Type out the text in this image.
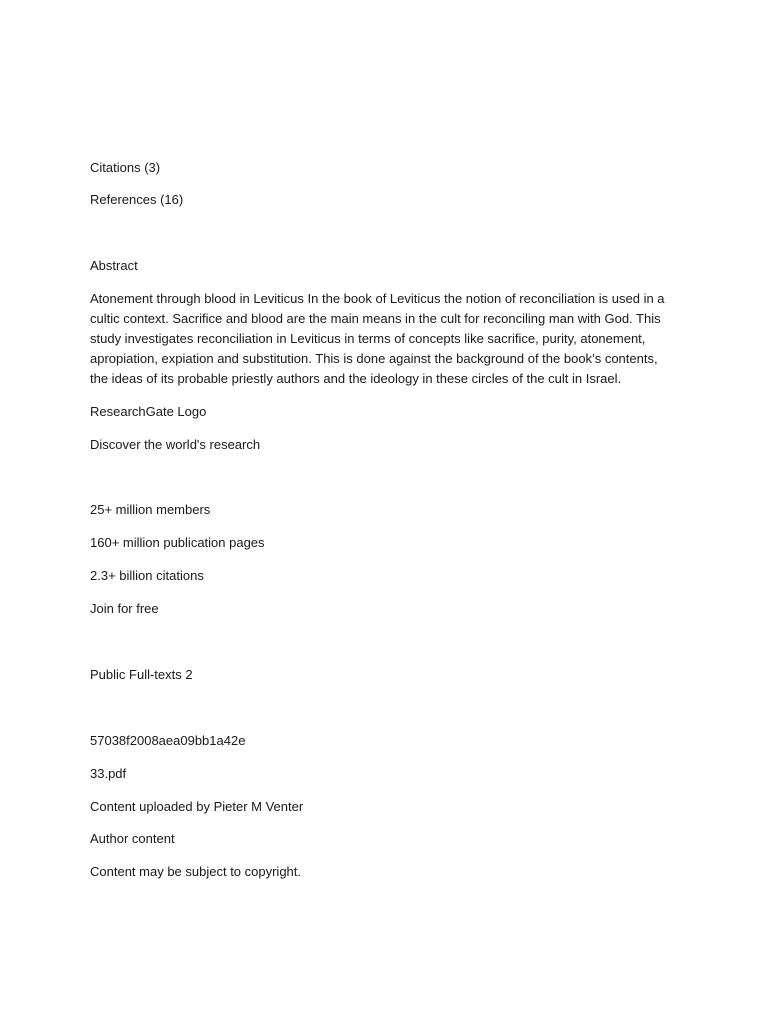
Citations (3)
References (16)
Abstract
Atonement through blood in Leviticus In the book of Leviticus the notion of reconciliation is used in a cultic context. Sacrifice and blood are the main means in the cult for reconciling man with God. This study investigates reconciliation in Leviticus in terms of concepts like sacrifice, purity, atonement, apropiation, expiation and substitution. This is done against the background of the book’s contents, the ideas of its probable priestly authors and the ideology in these circles of the cult in Israel.
ResearchGate Logo
Discover the world's research
25+ million members
160+ million publication pages
2.3+ billion citations
Join for free
Public Full-texts 2
57038f2008aea09bb1a42e
33.pdf
Content uploaded by Pieter M Venter
Author content
Content may be subject to copyright.
